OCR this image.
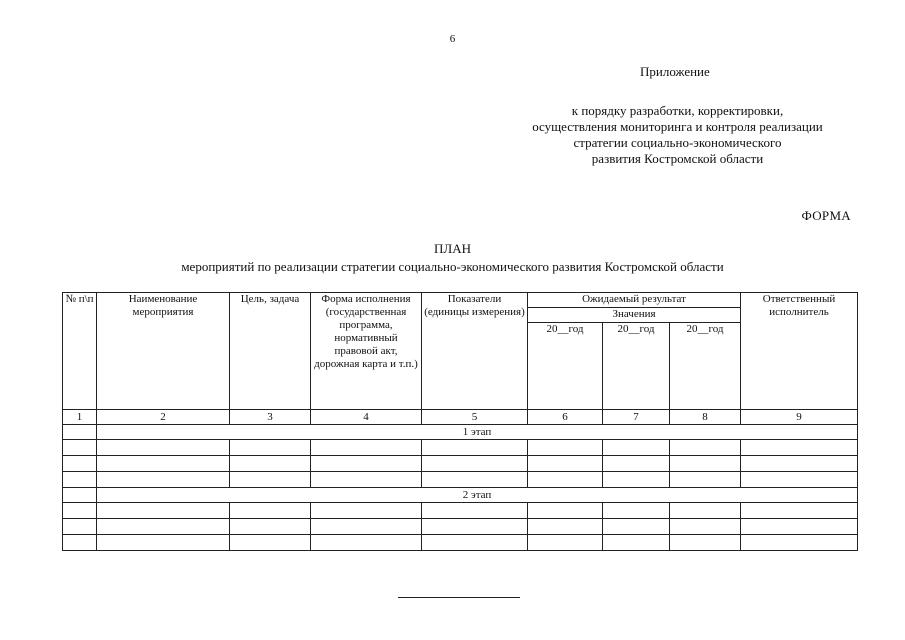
6
Приложение
к порядку разработки, корректировки,
осуществления мониторинга и контроля реализации
стратегии социально-экономического
развития Костромской области
ФОРМА
ПЛАН
мероприятий по реализации стратегии социально-экономического развития Костромской области
№ п\п	Наименование мероприятия	Цель, задача	Форма исполнения (государственная программа, нормативный правовой акт, дорожная карта и т.п.)	Показатели (единицы измерения)	Ожидаемый результат			Ответственный исполнитель
					Значения			
					20__год	20__год	20__год	
1	2	3	4	5	6	7	8	9
	1 этап							

	2 этап							
